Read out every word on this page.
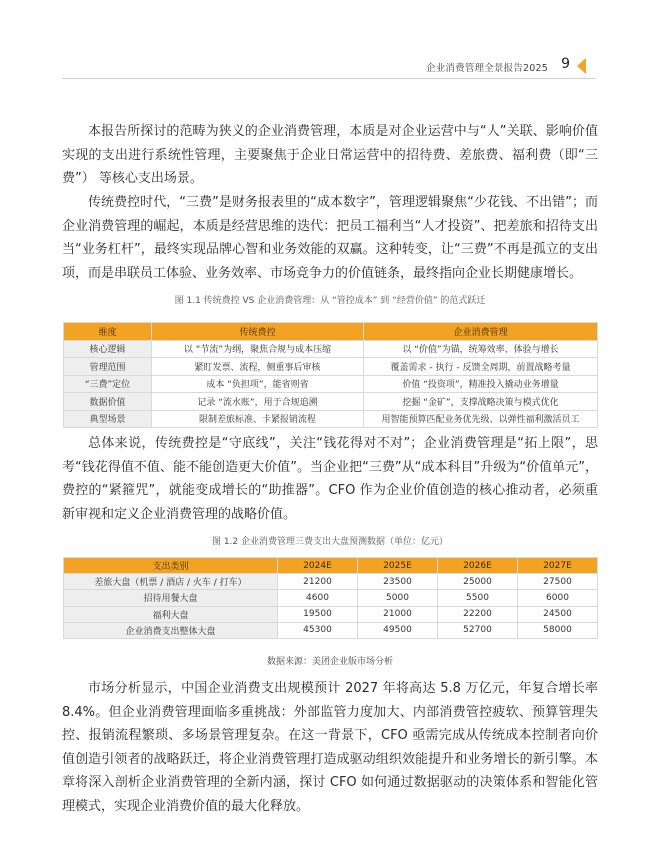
企业消费管理全景报告2025 9

本报告所探讨的范畴为狭义的企业消费管理，本质是对企业运营中与“人”关联、影响价值实现的支出进行系统性管理，主要聚焦于企业日常运营中的招待费、差旅费、福利费（即“三费”） 等核心支出场景。

传统费控时代，“三费”是财务报表里的“成本数字”，管理逻辑聚焦“少花钱、不出错”；而企业消费管理的崛起，本质是经营思维的迭代：把员工福利当“人才投资”、把差旅和招待支出当“业务杠杆”，最终实现品牌心智和业务效能的双赢。这种转变，让“三费”不再是孤立的支出项，而是串联员工体验、业务效率、市场竞争力的价值链条，最终指向企业长期健康增长。

图 1.1 传统费控 VS 企业消费管理：从 “管控成本” 到 “经营价值” 的范式跃迁
维度	传统费控	企业消费管理
核心逻辑	以 “节流”为纲，聚焦合规与成本压缩	以 “价值”为锚，统筹效率、体验与增长
管理范围	紧盯发票、流程，侧重事后审核	覆盖需求 - 执行 - 反馈全周期，前置战略考量
“三费”定位	成本 “负担项”，能省则省	价值 “投资项”，精准投入撬动业务增量
数据价值	记录 “流水账”，用于合规追溯	挖掘 “金矿”，支撑战略决策与模式优化
典型场景	限制差旅标准、卡紧报销流程	用智能预算匹配业务优先级、以弹性福利激活员工

总体来说，传统费控是“守底线”，关注“钱花得对不对”；企业消费管理是“拓上限”，思考“钱花得值不值、能不能创造更大价值”。当企业把“三费”从“成本科目”升级为“价值单元”，费控的“紧箍咒”，就能变成增长的“助推器”。CFO 作为企业价值创造的核心推动者，必须重新审视和定义企业消费管理的战略价值。

图 1.2 企业消费管理三费支出大盘预测数据（单位：亿元）
支出类别	2024E	2025E	2026E	2027E
差旅大盘（机票 / 酒店 / 火车 / 打车）	21200	23500	25000	27500
招待用餐大盘	4600	5000	5500	6000
福利大盘	19500	21000	22200	24500
企业消费支出整体大盘	45300	49500	52700	58000
数据来源：美团企业版市场分析

市场分析显示，中国企业消费支出规模预计 2027 年将高达 5.8 万亿元，年复合增长率 8.4%。但企业消费管理面临多重挑战：外部监管力度加大、内部消费管控疲软、预算管理失控、报销流程繁琐、多场景管理复杂。在这一背景下，CFO 亟需完成从传统成本控制者向价值创造引领者的战略跃迁，将企业消费管理打造成驱动组织效能提升和业务增长的新引擎。本章将深入剖析企业消费管理的全新内涵，探讨 CFO 如何通过数据驱动的决策体系和智能化管理模式，实现企业消费价值的最大化释放。
